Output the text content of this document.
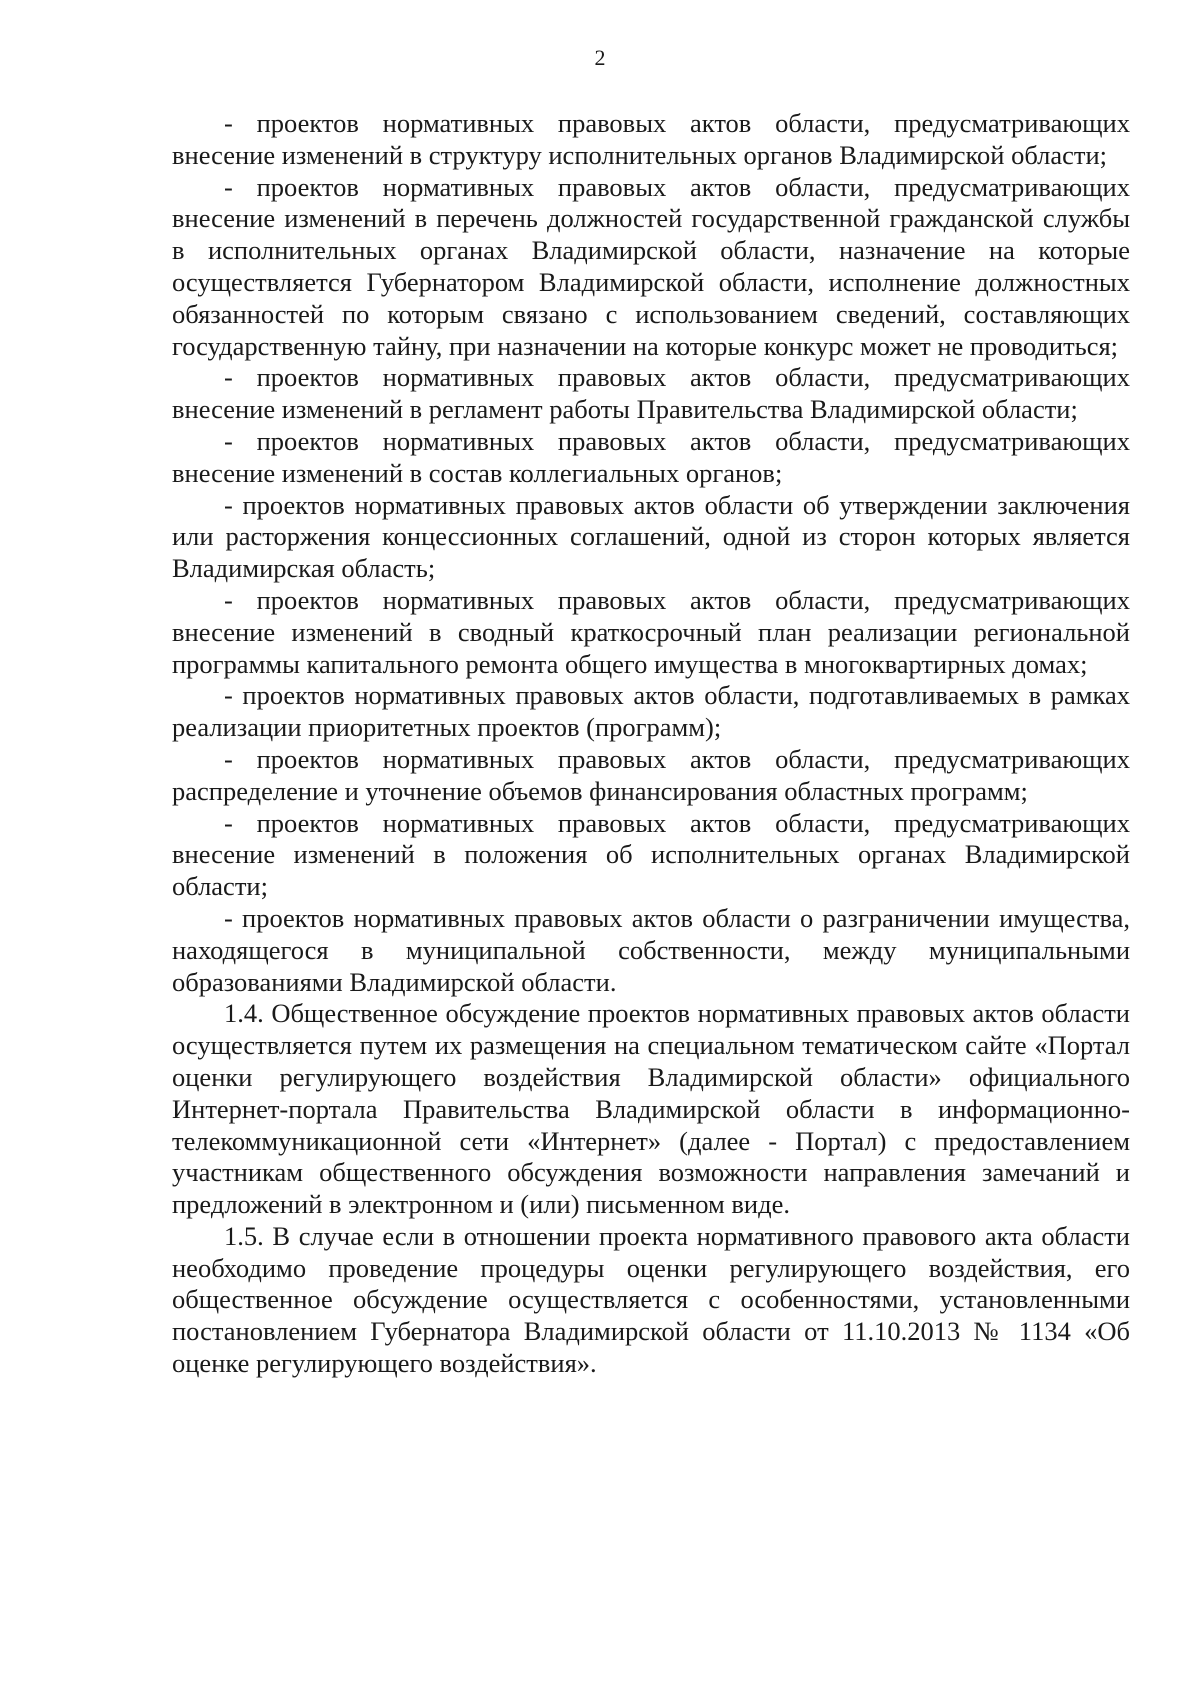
2

- проектов нормативных правовых актов области, предусматривающих внесение изменений в структуру исполнительных органов Владимирской области;

- проектов нормативных правовых актов области, предусматривающих внесение изменений в перечень должностей государственной гражданской службы в исполнительных органах Владимирской области, назначение на которые осуществляется Губернатором Владимирской области, исполнение должностных обязанностей по которым связано с использованием сведений, составляющих государственную тайну, при назначении на которые конкурс может не проводиться;

- проектов нормативных правовых актов области, предусматривающих внесение изменений в регламент работы Правительства Владимирской области;

- проектов нормативных правовых актов области, предусматривающих внесение изменений в состав коллегиальных органов;

- проектов нормативных правовых актов области об утверждении заключения или расторжения концессионных соглашений, одной из сторон которых является Владимирская область;

- проектов нормативных правовых актов области, предусматривающих внесение изменений в сводный краткосрочный план реализации региональной программы капитального ремонта общего имущества в многоквартирных домах;

- проектов нормативных правовых актов области, подготавливаемых в рамках реализации приоритетных проектов (программ);

- проектов нормативных правовых актов области, предусматривающих распределение и уточнение объемов финансирования областных программ;

- проектов нормативных правовых актов области, предусматривающих внесение изменений в положения об исполнительных органах Владимирской области;

- проектов нормативных правовых актов области о разграничении имущества, находящегося в муниципальной собственности, между муниципальными образованиями Владимирской области.

1.4. Общественное обсуждение проектов нормативных правовых актов области осуществляется путем их размещения на специальном тематическом сайте «Портал оценки регулирующего воздействия Владимирской области» официального Интернет-портала Правительства Владимирской области в информационно-телекоммуникационной сети «Интернет» (далее - Портал) с предоставлением участникам общественного обсуждения возможности направления замечаний и предложений в электронном и (или) письменном виде.

1.5. В случае если в отношении проекта нормативного правового акта области необходимо проведение процедуры оценки регулирующего воздействия, его общественное обсуждение осуществляется с особенностями, установленными постановлением Губернатора Владимирской области от 11.10.2013 № 1134 «Об оценке регулирующего воздействия».
